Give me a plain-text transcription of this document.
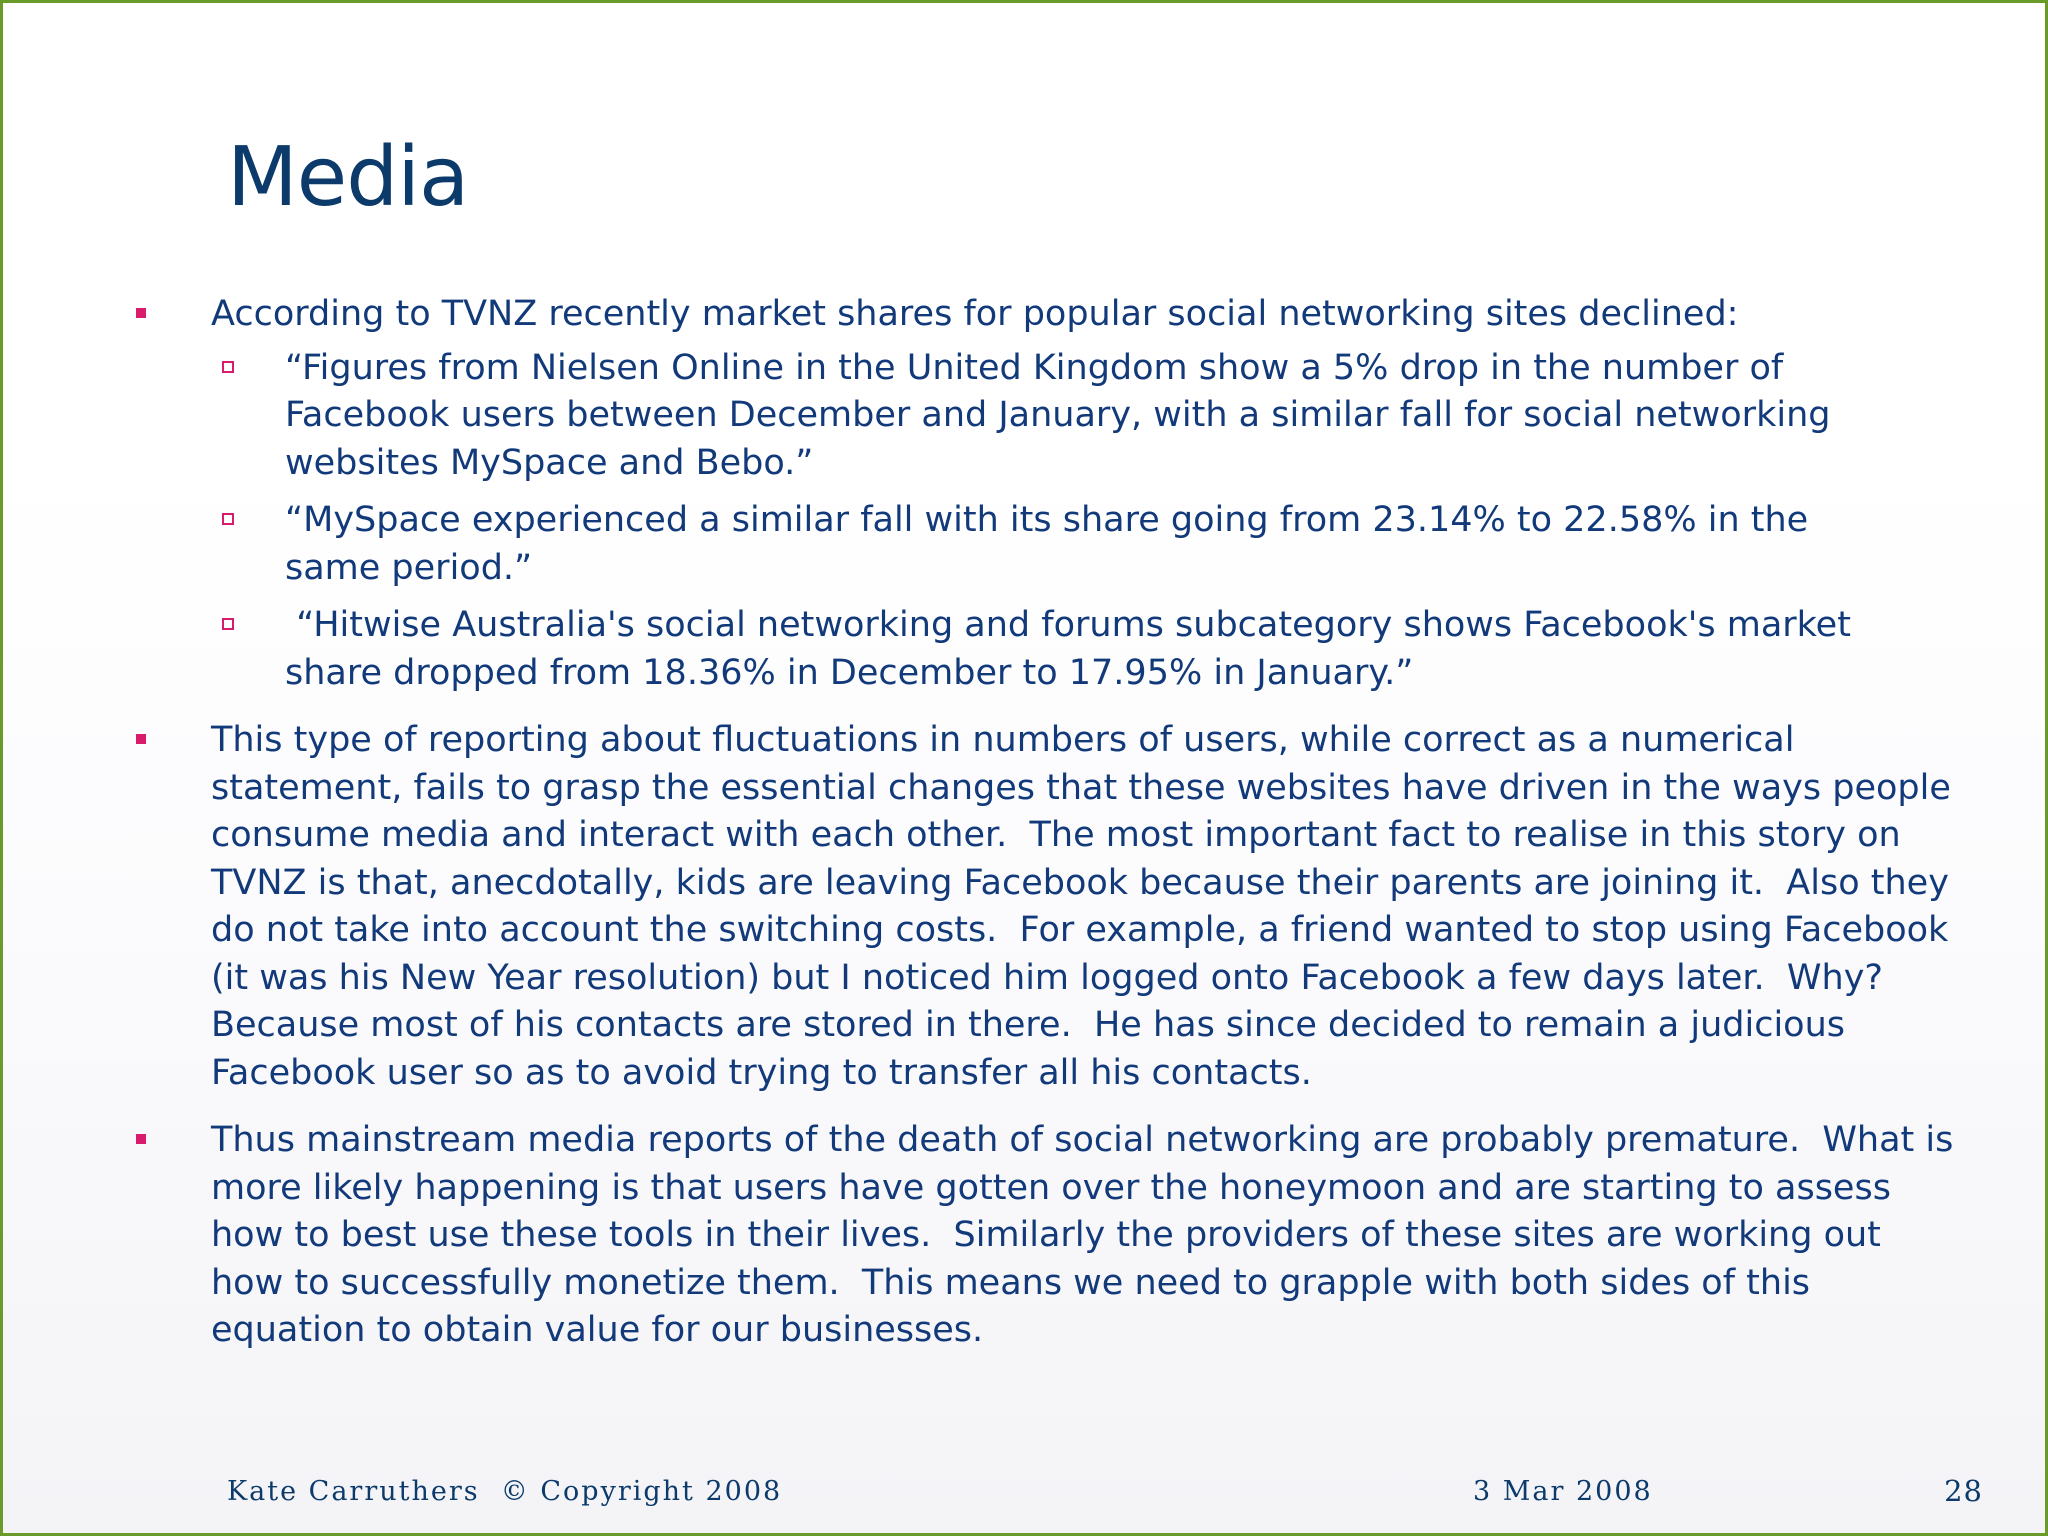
Media
According to TVNZ recently market shares for popular social networking sites declined:
“Figures from Nielsen Online in the United Kingdom show a 5% drop in the number of Facebook users between December and January, with a similar fall for social networking websites MySpace and Bebo.”
“MySpace experienced a similar fall with its share going from 23.14% to 22.58% in the same period.”
“Hitwise Australia's social networking and forums subcategory shows Facebook's market share dropped from 18.36% in December to 17.95% in January.”
This type of reporting about fluctuations in numbers of users, while correct as a numerical statement, fails to grasp the essential changes that these websites have driven in the ways people consume media and interact with each other.  The most important fact to realise in this story on TVNZ is that, anecdotally, kids are leaving Facebook because their parents are joining it.  Also they do not take into account the switching costs.  For example, a friend wanted to stop using Facebook (it was his New Year resolution) but I noticed him logged onto Facebook a few days later.  Why? Because most of his contacts are stored in there.  He has since decided to remain a judicious Facebook user so as to avoid trying to transfer all his contacts.
Thus mainstream media reports of the death of social networking are probably premature.  What is more likely happening is that users have gotten over the honeymoon and are starting to assess how to best use these tools in their lives.  Similarly the providers of these sites are working out how to successfully monetize them.  This means we need to grapple with both sides of this equation to obtain value for our businesses.
Kate Carruthers  © Copyright 2008	3 Mar 2008	28
